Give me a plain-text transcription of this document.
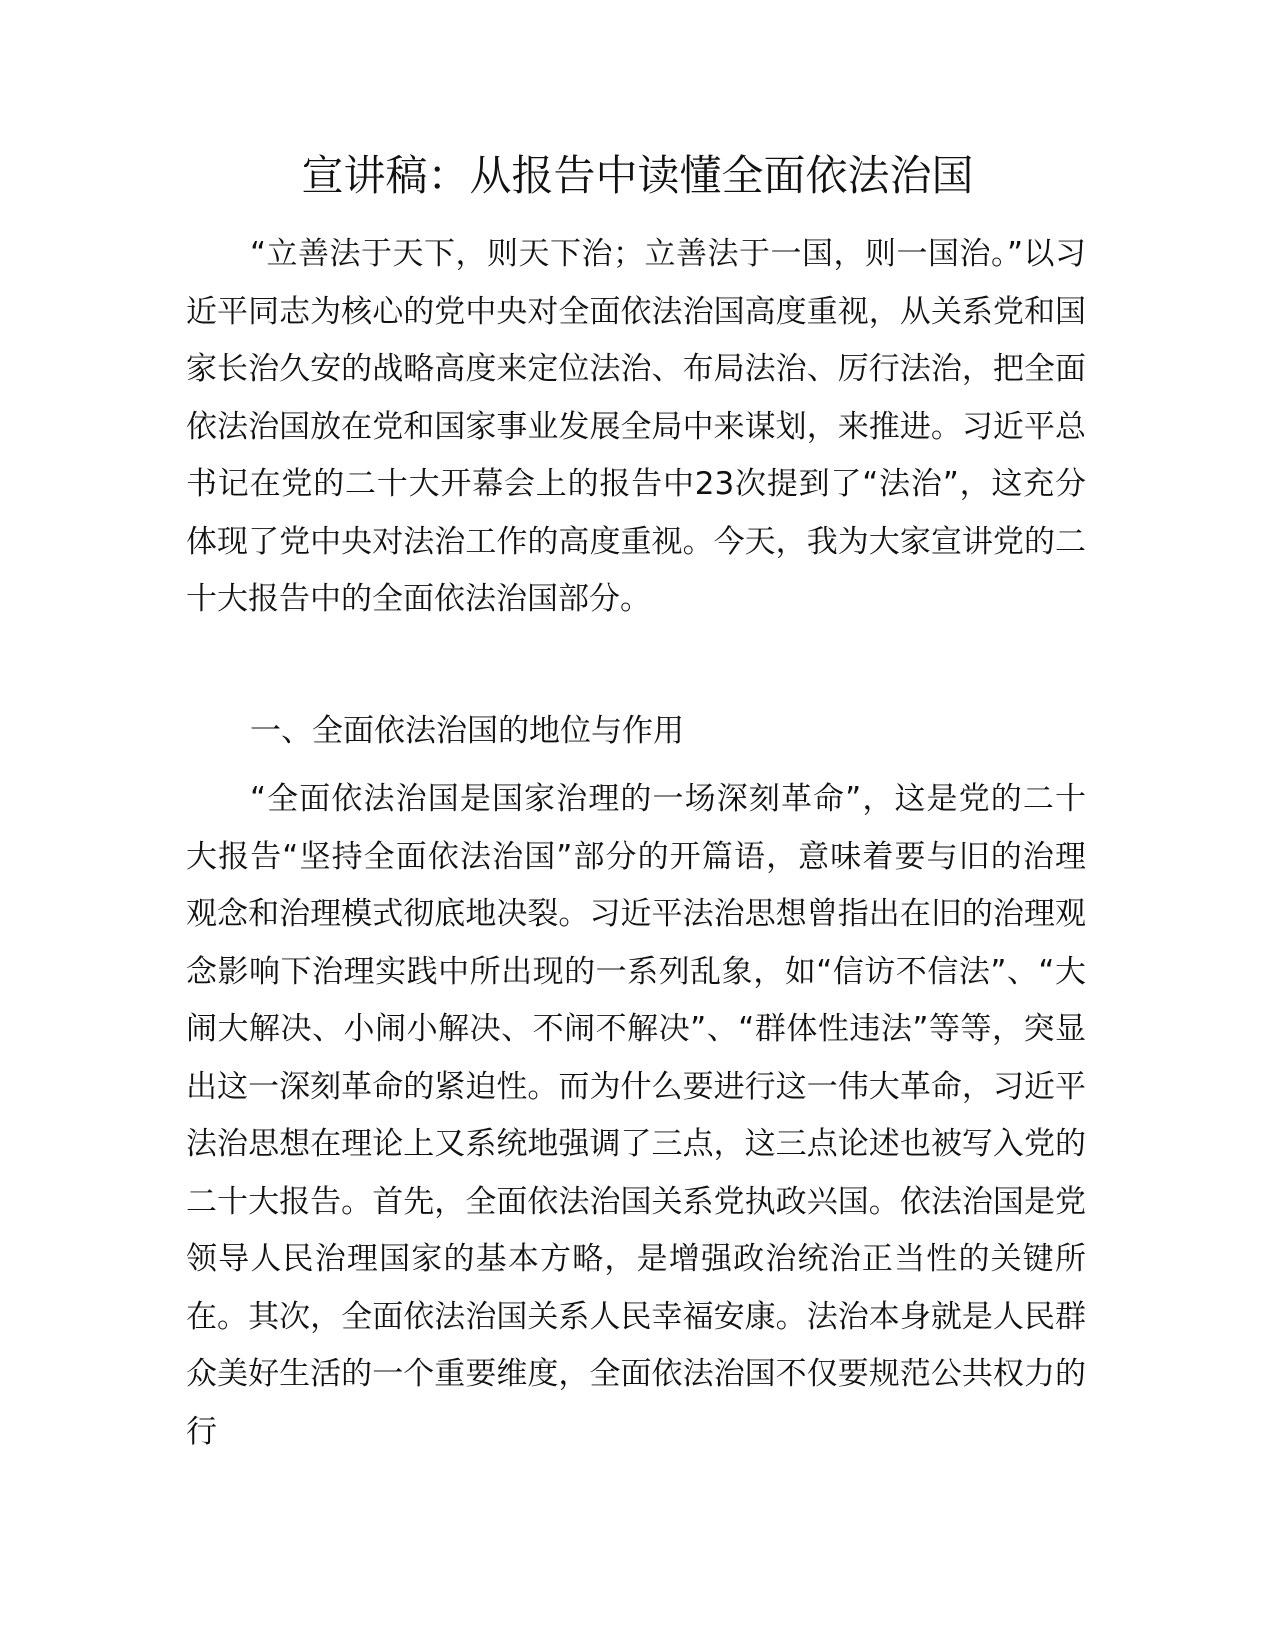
宣讲稿：从报告中读懂全面依法治国

“立善法于天下，则天下治；立善法于一国，则一国治。”以习近平同志为核心的党中央对全面依法治国高度重视，从关系党和国家长治久安的战略高度来定位法治、布局法治、厉行法治，把全面依法治国放在党和国家事业发展全局中来谋划，来推进。习近平总书记在党的二十大开幕会上的报告中23次提到了“法治”，这充分体现了党中央对法治工作的高度重视。今天，我为大家宣讲党的二十大报告中的全面依法治国部分。

一、全面依法治国的地位与作用

“全面依法治国是国家治理的一场深刻革命”，这是党的二十大报告“坚持全面依法治国”部分的开篇语，意味着要与旧的治理观念和治理模式彻底地决裂。习近平法治思想曾指出在旧的治理观念影响下治理实践中所出现的一系列乱象，如“信访不信法”、“大闹大解决、小闹小解决、不闹不解决”、“群体性违法”等等，突显出这一深刻革命的紧迫性。而为什么要进行这一伟大革命，习近平法治思想在理论上又系统地强调了三点，这三点论述也被写入党的二十大报告。首先，全面依法治国关系党执政兴国。依法治国是党领导人民治理国家的基本方略，是增强政治统治正当性的关键所在。其次，全面依法治国关系人民幸福安康。法治本身就是人民群众美好生活的一个重要维度，全面依法治国不仅要规范公共权力的行
